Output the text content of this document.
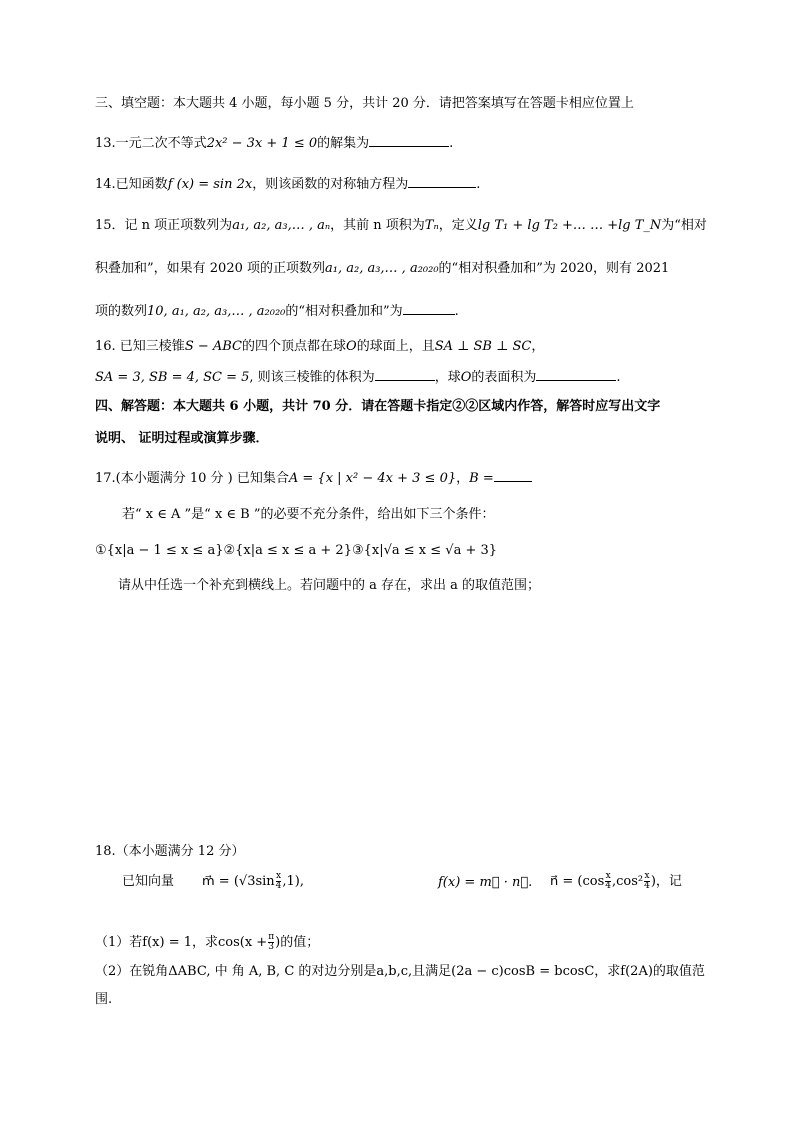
三、填空题：本大题共 4 小题，每小题 5 分，共计 20 分．请把答案填写在答题卡相应位置上
13.一元二次不等式2x² − 3x + 1 ≤ 0的解集为	.
14.已知函数f (x) = sin 2x，则该函数的对称轴方程为	.
15．记 n 项正项数列为a₁, a₂, a₃,… , aₙ，其前 n 项积为Tₙ，定义lg T₁ + lg T₂ +… … +lg T_N为“相对
积叠加和”，如果有 2020 项的正项数列a₁, a₂, a₃,… , a₂₀₂₀的“相对积叠加和”为 2020，则有 2021
项的数列10, a₁, a₂, a₃,… , a₂₀₂₀的“相对积叠加和”为	.
16. 已知三棱锥S − ABC的四个顶点都在球O的球面上，且SA ⊥ SB ⊥ SC，
SA = 3, SB = 4, SC = 5, 则该三棱锥的体积为	，球O的表面积为	.
四、解答题：本大题共 6 小题，共计 70 分．请在答题卡指定②②区域内作答，解答时应写出文字
说明、 证明过程或演算步骤．
17.(本小题满分 10 分 ) 已知集合A = {x | x² − 4x + 3 ≤ 0}，B =
若“ x ∈ A ”是“ x ∈ B ”的必要不充分条件，给出如下三个条件：
①{x|a − 1 ≤ x ≤ a}②{x|a ≤ x ≤ a + 2}③{x|√a ≤ x ≤ √a + 3}
请从中任选一个补充到横线上。若问题中的 a 存在，求出 a 的取值范围；
18.（本小题满分 12 分）
已知向量 m⃗ = $(√3\sin \frac{x}{4} ,1)$,	f(x) = m⃗ · n⃗. n⃗ = ($\cos \frac{x}{4} ,\cos^2 \frac{x}{4}$ )，记
（1）若f(x) = 1，求$\cos(x + \frac{\pi}{3}$ )的值；
（2）在锐角ΔABC, 中 角 A, B, C 的对边分别是a,b,c,且满足(2a − c)cosB = bcosC，求f(2A)的取值范
围.
